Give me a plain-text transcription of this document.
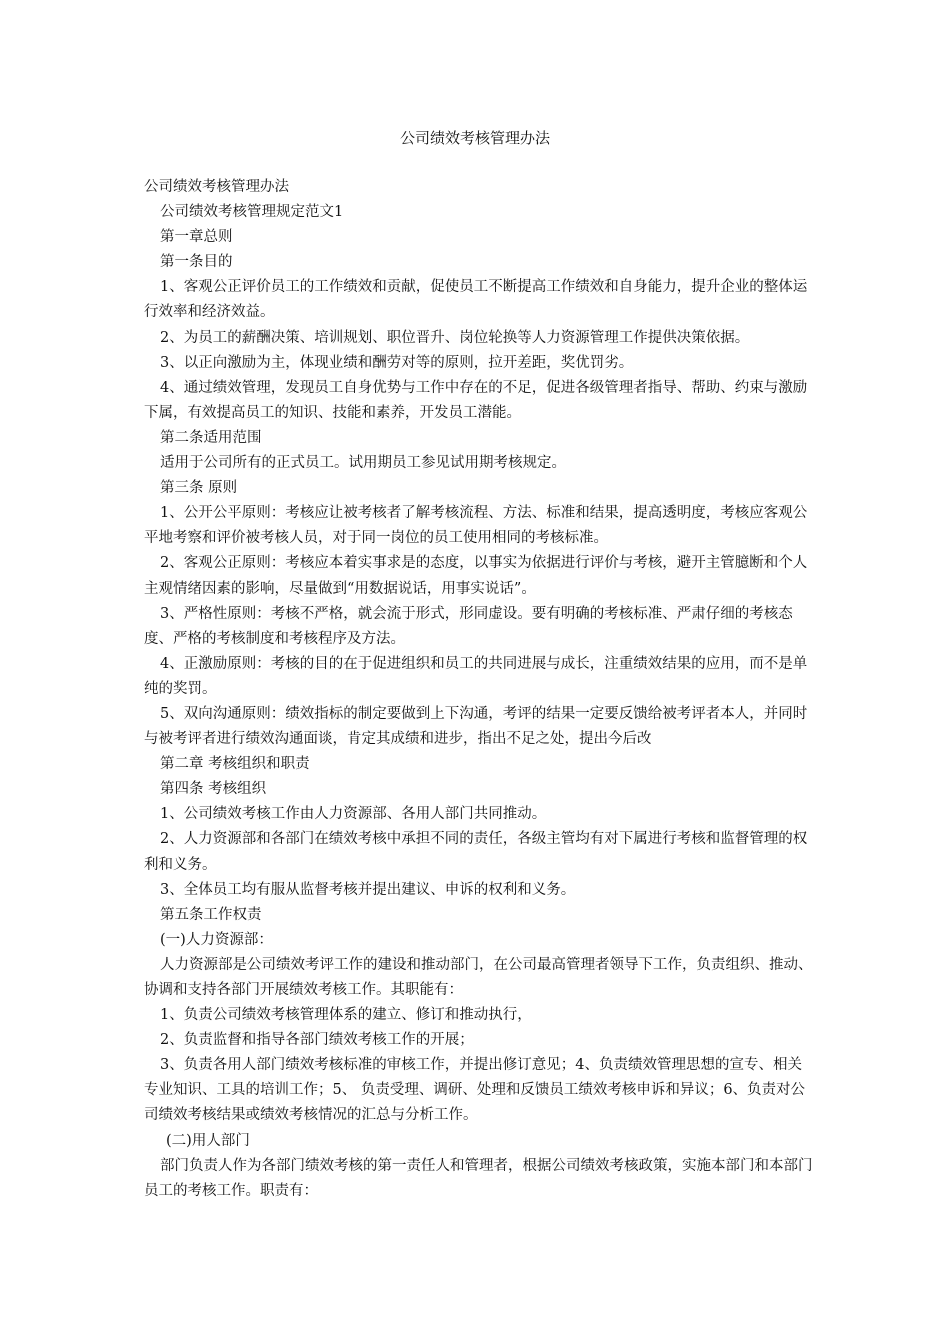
公司绩效考核管理办法

公司绩效考核管理办法

公司绩效考核管理规定范文1

第一章总则

第一条目的

1、客观公正评价员工的工作绩效和贡献，促使员工不断提高工作绩效和自身能力，提升企业的整体运行效率和经济效益。

2、为员工的薪酬决策、培训规划、职位晋升、岗位轮换等人力资源管理工作提供决策依据。

3、以正向激励为主，体现业绩和酬劳对等的原则，拉开差距，奖优罚劣。

4、通过绩效管理，发现员工自身优势与工作中存在的不足，促进各级管理者指导、帮助、约束与激励下属，有效提高员工的知识、技能和素养，开发员工潜能。

第二条适用范围

适用于公司所有的正式员工。试用期员工参见试用期考核规定。

第三条 原则

1、公开公平原则：考核应让被考核者了解考核流程、方法、标准和结果，提高透明度，考核应客观公平地考察和评价被考核人员，对于同一岗位的员工使用相同的考核标准。

2、客观公正原则：考核应本着实事求是的态度，以事实为依据进行评价与考核，避开主管臆断和个人主观情绪因素的影响，尽量做到“用数据说话，用事实说话”。

3、严格性原则：考核不严格，就会流于形式，形同虚设。要有明确的考核标准、严肃仔细的考核态度、严格的考核制度和考核程序及方法。

4、正激励原则：考核的目的在于促进组织和员工的共同进展与成长，注重绩效结果的应用，而不是单纯的奖罚。

5、双向沟通原则：绩效指标的制定要做到上下沟通，考评的结果一定要反馈给被考评者本人，并同时与被考评者进行绩效沟通面谈，肯定其成绩和进步，指出不足之处，提出今后改

第二章 考核组织和职责

第四条 考核组织

1、公司绩效考核工作由人力资源部、各用人部门共同推动。

2、人力资源部和各部门在绩效考核中承担不同的责任，各级主管均有对下属进行考核和监督管理的权利和义务。

3、全体员工均有服从监督考核并提出建议、申诉的权利和义务。

第五条工作权责

(一)人力资源部：

人力资源部是公司绩效考评工作的建设和推动部门，在公司最高管理者领导下工作，负责组织、推动、协调和支持各部门开展绩效考核工作。其职能有：

1、负责公司绩效考核管理体系的建立、修订和推动执行，

2、负责监督和指导各部门绩效考核工作的开展；

3、负责各用人部门绩效考核标准的审核工作，并提出修订意见；4、负责绩效管理思想的宣专、相关专业知识、工具的培训工作；5、 负责受理、调研、处理和反馈员工绩效考核申诉和异议；6、负责对公司绩效考核结果或绩效考核情况的汇总与分析工作。

(二)用人部门

部门负责人作为各部门绩效考核的第一责任人和管理者，根据公司绩效考核政策，实施本部门和本部门员工的考核工作。职责有：
